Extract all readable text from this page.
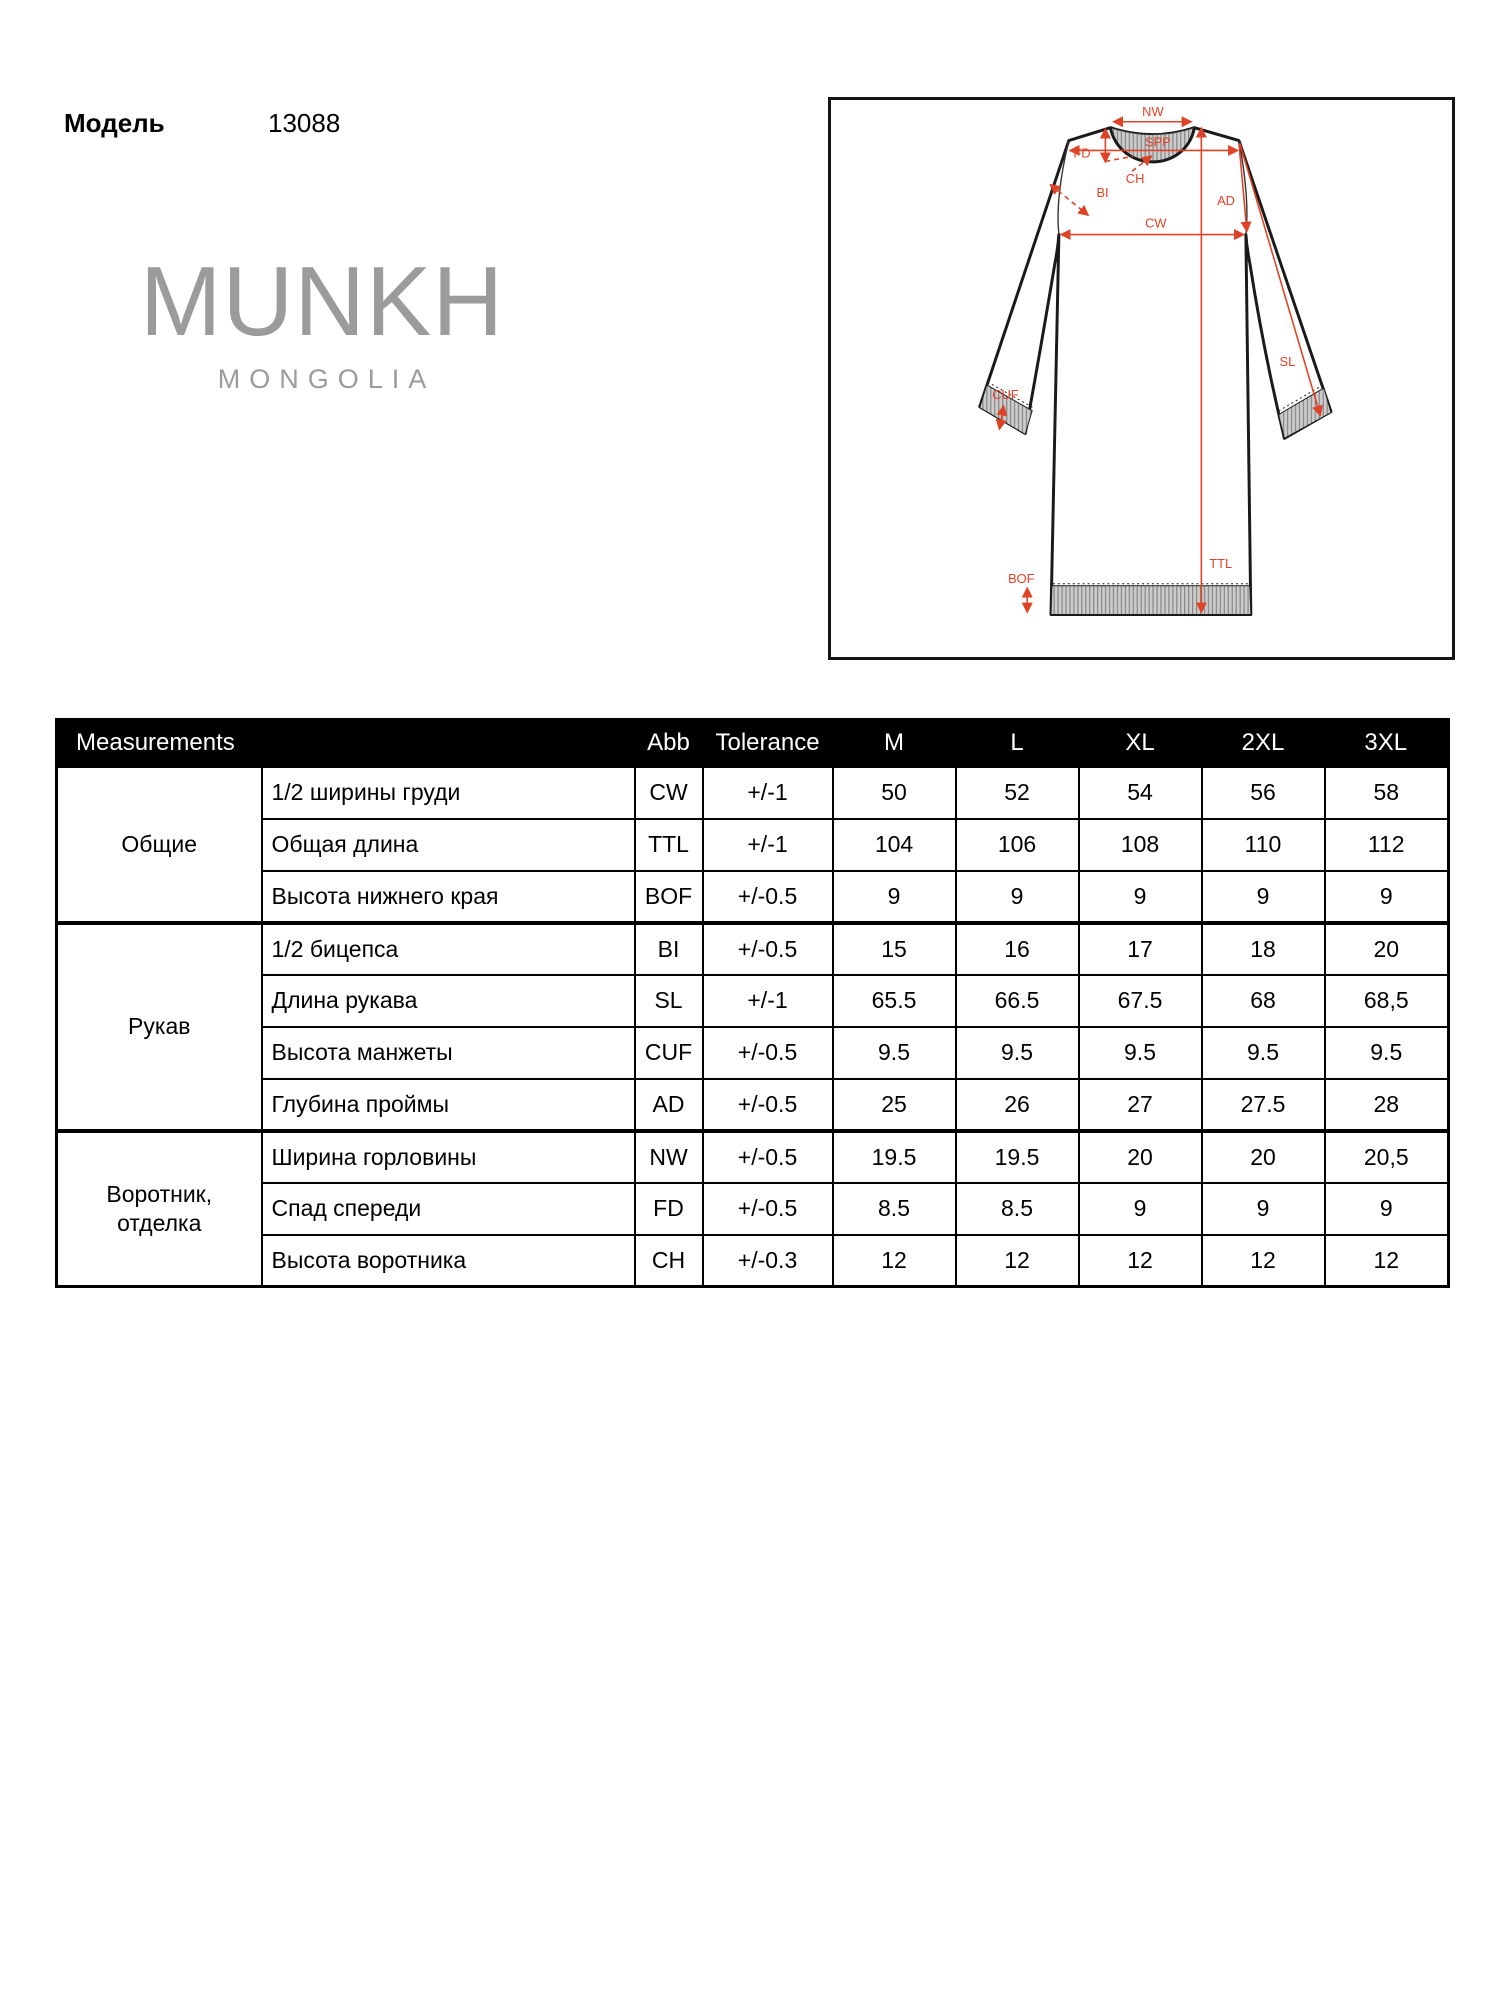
Модель	13088
MUNKH
MONGOLIA
NW
SPP
FD
CH
BI
CW
AD
SL
TTL
CUF
BOF
Measurements		Abb	Tolerance	M	L	XL	2XL	3XL
Общие	1/2 ширины груди	CW	+/-1	50	52	54	56	58
	Общая длина	TTL	+/-1	104	106	108	110	112
	Высота нижнего края	BOF	+/-0.5	9	9	9	9	9
Рукав	1/2 бицепса	BI	+/-0.5	15	16	17	18	20
	Длина рукава	SL	+/-1	65.5	66.5	67.5	68	68,5
	Высота манжеты	CUF	+/-0.5	9.5	9.5	9.5	9.5	9.5
	Глубина проймы	AD	+/-0.5	25	26	27	27.5	28
Воротник, отделка	Ширина горловины	NW	+/-0.5	19.5	19.5	20	20	20,5
	Спад спереди	FD	+/-0.5	8.5	8.5	9	9	9
	Высота воротника	CH	+/-0.3	12	12	12	12	12
